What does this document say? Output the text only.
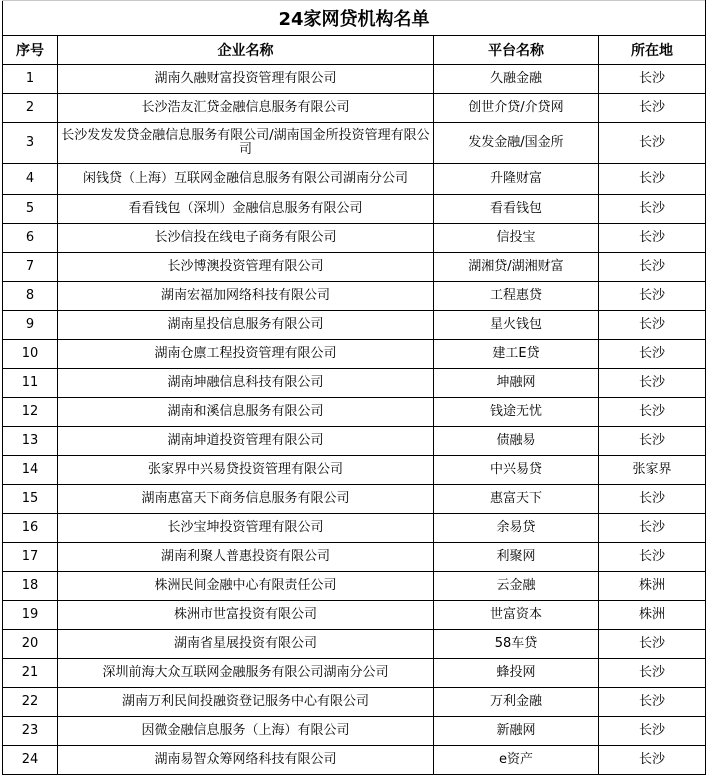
24家网贷机构名单			
序号	企业名称	平台名称	所在地
1	湖南久融财富投资管理有限公司	久融金融	长沙
2	长沙浩友汇贷金融信息服务有限公司	创世介贷/介贷网	长沙
3	长沙发发发贷金融信息服务有限公司/湖南国金所投资管理有限公司	发发金融/国金所	长沙
4	闲钱贷（上海）互联网金融信息服务有限公司湖南分公司	升隆财富	长沙
5	看看钱包（深圳）金融信息服务有限公司	看看钱包	长沙
6	长沙信投在线电子商务有限公司	信投宝	长沙
7	长沙博澳投资管理有限公司	湖湘贷/湖湘财富	长沙
8	湖南宏福加网络科技有限公司	工程惠贷	长沙
9	湖南星投信息服务有限公司	星火钱包	长沙
10	湖南仓廪工程投资管理有限公司	建工E贷	长沙
11	湖南坤融信息科技有限公司	坤融网	长沙
12	湖南和溪信息服务有限公司	钱途无忧	长沙
13	湖南坤道投资管理有限公司	债融易	长沙
14	张家界中兴易贷投资管理有限公司	中兴易贷	张家界
15	湖南惠富天下商务信息服务有限公司	惠富天下	长沙
16	长沙宝坤投资管理有限公司	余易贷	长沙
17	湖南利聚人普惠投资有限公司	利聚网	长沙
18	株洲民间金融中心有限责任公司	云金融	株洲
19	株洲市世富投资有限公司	世富资本	株洲
20	湖南省星展投资有限公司	58车贷	长沙
21	深圳前海大众互联网金融服务有限公司湖南分公司	蜂投网	长沙
22	湖南万利民间投融资登记服务中心有限公司	万利金融	长沙
23	因微金融信息服务（上海）有限公司	新融网	长沙
24	湖南易智众筹网络科技有限公司	e资产	长沙
